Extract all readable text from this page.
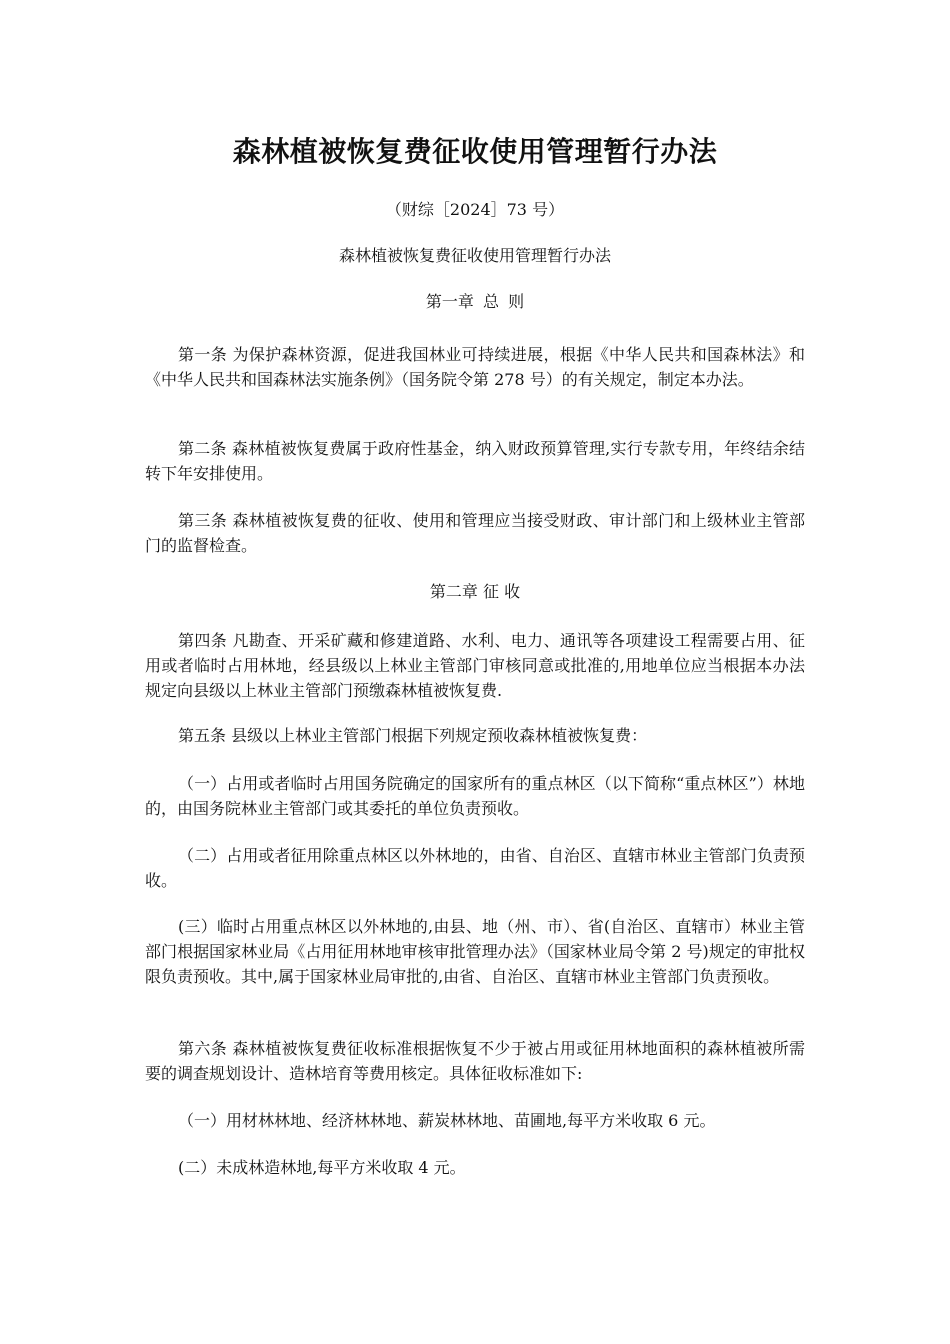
森林植被恢复费征收使用管理暂行办法

（财综［2024］73 号）

森林植被恢复费征收使用管理暂行办法

第一章 总 则

第一条 为保护森林资源，促进我国林业可持续进展，根据《中华人民共和国森林法》和《中华人民共和国森林法实施条例》（国务院令第 278 号）的有关规定，制定本办法。

第二条 森林植被恢复费属于政府性基金，纳入财政预算管理,实行专款专用，年终结余结转下年安排使用。

第三条 森林植被恢复费的征收、使用和管理应当接受财政、审计部门和上级林业主管部门的监督检查。

第二章 征 收

第四条 凡勘查、开采矿藏和修建道路、水利、电力、通讯等各项建设工程需要占用、征用或者临时占用林地，经县级以上林业主管部门审核同意或批准的,用地单位应当根据本办法规定向县级以上林业主管部门预缴森林植被恢复费.

第五条 县级以上林业主管部门根据下列规定预收森林植被恢复费：

（一）占用或者临时占用国务院确定的国家所有的重点林区（以下简称“重点林区”）林地的，由国务院林业主管部门或其委托的单位负责预收。

（二）占用或者征用除重点林区以外林地的，由省、自治区、直辖市林业主管部门负责预收。

(三）临时占用重点林区以外林地的,由县、地（州、市）、省(自治区、直辖市）林业主管部门根据国家林业局《占用征用林地审核审批管理办法》（国家林业局令第 2 号)规定的审批权限负责预收。其中,属于国家林业局审批的,由省、自治区、直辖市林业主管部门负责预收。

第六条 森林植被恢复费征收标准根据恢复不少于被占用或征用林地面积的森林植被所需要的调查规划设计、造林培育等费用核定。具体征收标准如下:

（一）用材林林地、经济林林地、薪炭林林地、苗圃地,每平方米收取 6 元。

(二）未成林造林地,每平方米收取 4 元。
